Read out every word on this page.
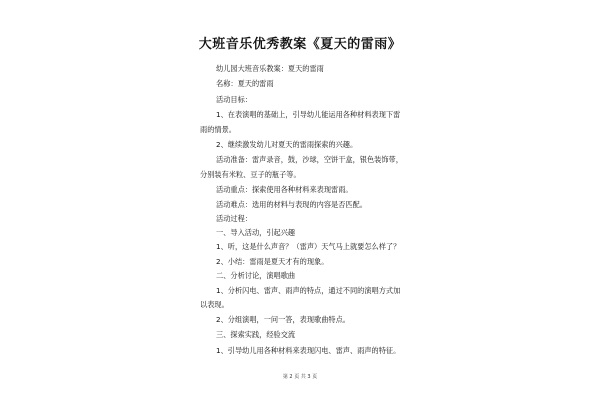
大班音乐优秀教案《夏天的雷雨》
幼儿园大班音乐教案：夏天的雷雨
名称：夏天的雷雨
活动目标：
1、在表演唱的基础上，引导幼儿能运用各种材料表现下雷
雨的情景。
2、继续激发幼儿对夏天的雷雨探索的兴趣。
活动准备：雷声录音，鼓，沙球，空饼干盒，银色装饰带，
分别装有米粒、豆子的瓶子等。
活动重点：探索使用各种材料来表现雷雨。
活动难点：选用的材料与表现的内容是否匹配。
活动过程：
一、导入活动，引起兴趣
1、听，这是什么声音？（雷声）天气马上就要怎么样了？
2、小结：雷雨是夏天才有的现象。
二、分析讨论，演唱歌曲
1、分析闪电、雷声、雨声的特点，通过不同的演唱方式加
以表现。
2、分组演唱，一问一答，表现歌曲特点。
三、探索实践，经验交流
1、引导幼儿用各种材料来表现闪电、雷声、雨声的特征。
第 2 页 共 3 页
